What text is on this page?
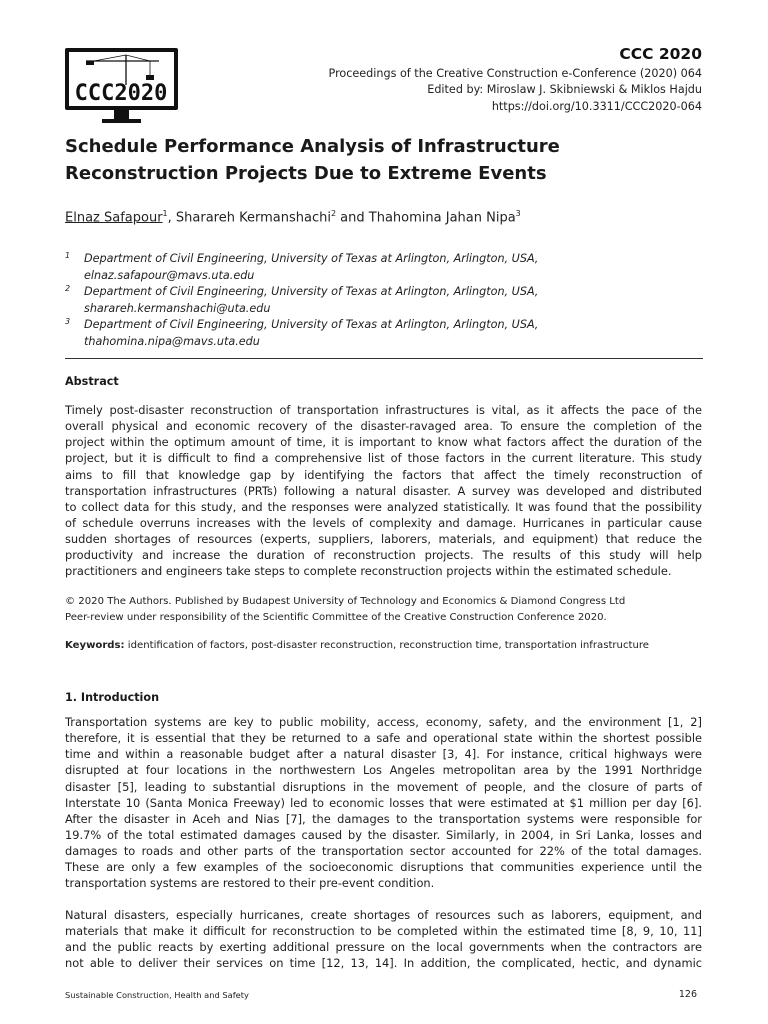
CCC2020
CCC 2020
Proceedings of the Creative Construction e-Conference (2020) 064
Edited by: Miroslaw J. Skibniewski & Miklos Hajdu
https://doi.org/10.3311/CCC2020-064
Schedule Performance Analysis of Infrastructure
Reconstruction Projects Due to Extreme Events
Elnaz Safapour$^1$, Sharareh Kermanshachi$^2$ and Thahomina Jahan Nipa$^3$
1 Department of Civil Engineering, University of Texas at Arlington, Arlington, USA,
elnaz.safapour@mavs.uta.edu
2 Department of Civil Engineering, University of Texas at Arlington, Arlington, USA,
sharareh.kermanshachi@uta.edu
3 Department of Civil Engineering, University of Texas at Arlington, Arlington, USA,
thahomina.nipa@mavs.uta.edu
Abstract
Timely post-disaster reconstruction of transportation infrastructures is vital, as it affects the pace of the
overall physical and economic recovery of the disaster-ravaged area. To ensure the completion of the
project within the optimum amount of time, it is important to know what factors affect the duration of the
project, but it is difficult to find a comprehensive list of those factors in the current literature. This study
aims to fill that knowledge gap by identifying the factors that affect the timely reconstruction of
transportation infrastructures (PRTs) following a natural disaster. A survey was developed and distributed
to collect data for this study, and the responses were analyzed statistically. It was found that the possibility
of schedule overruns increases with the levels of complexity and damage. Hurricanes in particular cause
sudden shortages of resources (experts, suppliers, laborers, materials, and equipment) that reduce the
productivity and increase the duration of reconstruction projects. The results of this study will help
practitioners and engineers take steps to complete reconstruction projects within the estimated schedule.
© 2020 The Authors. Published by Budapest University of Technology and Economics & Diamond Congress Ltd
Peer-review under responsibility of the Scientific Committee of the Creative Construction Conference 2020.
Keywords: identification of factors, post-disaster reconstruction, reconstruction time, transportation infrastructure
1. Introduction
Transportation systems are key to public mobility, access, economy, safety, and the environment [1, 2]
therefore, it is essential that they be returned to a safe and operational state within the shortest possible
time and within a reasonable budget after a natural disaster [3, 4]. For instance, critical highways were
disrupted at four locations in the northwestern Los Angeles metropolitan area by the 1991 Northridge
disaster [5], leading to substantial disruptions in the movement of people, and the closure of parts of
Interstate 10 (Santa Monica Freeway) led to economic losses that were estimated at $1 million per day [6].
After the disaster in Aceh and Nias [7], the damages to the transportation systems were responsible for
19.7% of the total estimated damages caused by the disaster. Similarly, in 2004, in Sri Lanka, losses and
damages to roads and other parts of the transportation sector accounted for 22% of the total damages.
These are only a few examples of the socioeconomic disruptions that communities experience until the
transportation systems are restored to their pre-event condition.
Natural disasters, especially hurricanes, create shortages of resources such as laborers, equipment, and
materials that make it difficult for reconstruction to be completed within the estimated time [8, 9, 10, 11]
and the public reacts by exerting additional pressure on the local governments when the contractors are
not able to deliver their services on time [12, 13, 14]. In addition, the complicated, hectic, and dynamic
Sustainable Construction, Health and Safety	126
